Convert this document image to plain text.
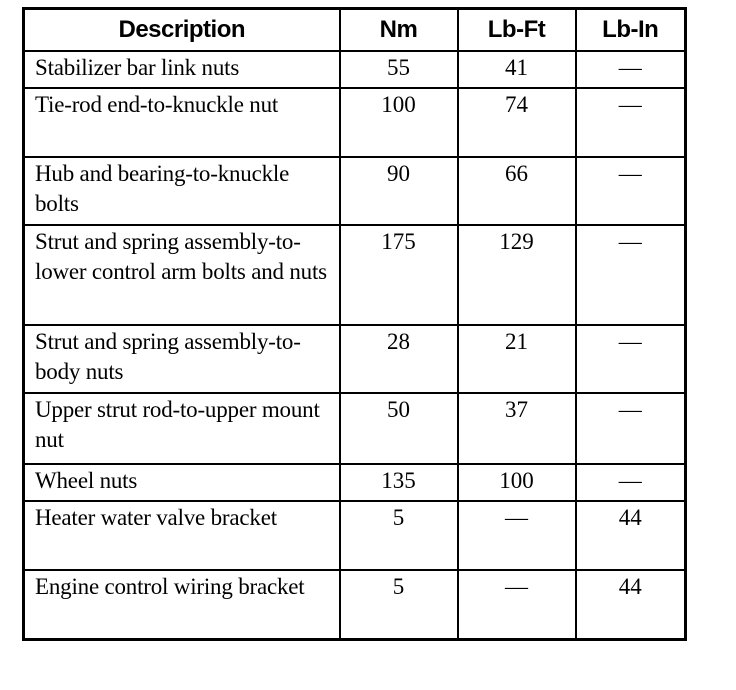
Description	Nm	Lb-Ft	Lb-In
Stabilizer bar link nuts	55	41	—
Tie-rod end-to-knuckle nut	100	74	—
Hub and bearing-to-knuckle bolts	90	66	—
Strut and spring assembly-to-lower control arm bolts and nuts	175	129	—
Strut and spring assembly-to-body nuts	28	21	—
Upper strut rod-to-upper mount nut	50	37	—
Wheel nuts	135	100	—
Heater water valve bracket	5	—	44
Engine control wiring bracket	5	—	44
